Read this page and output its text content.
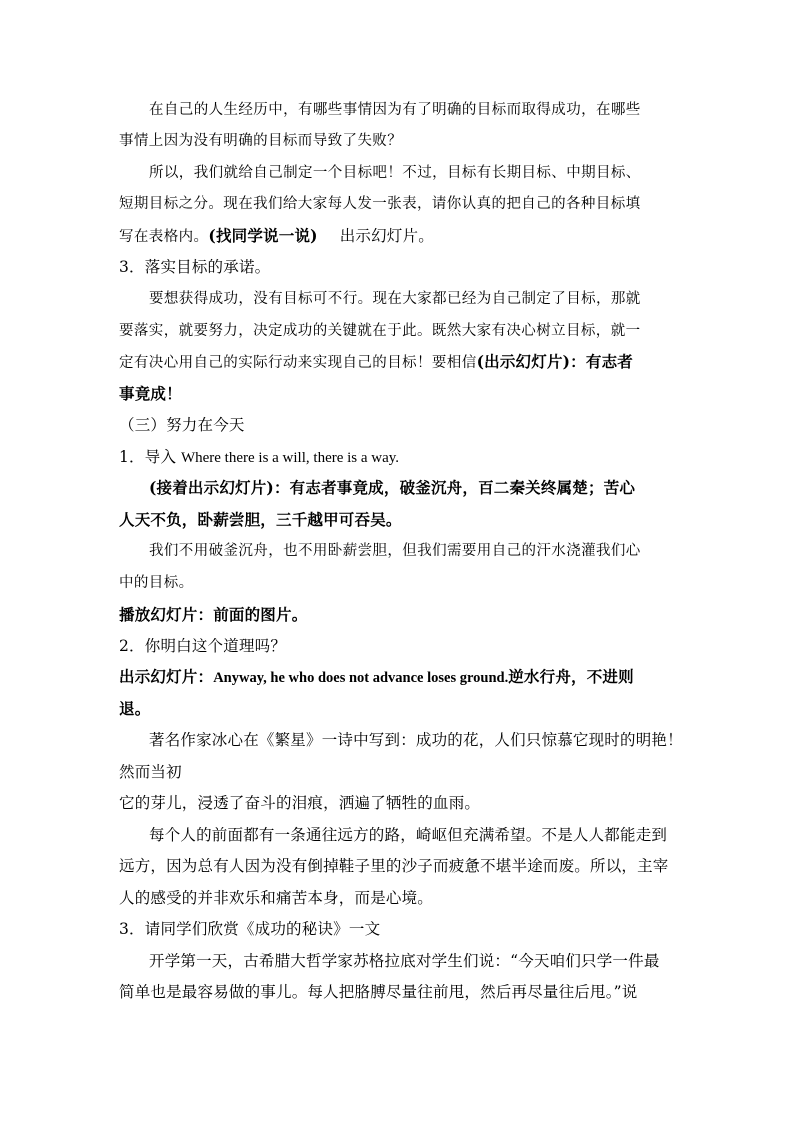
在自己的人生经历中，有哪些事情因为有了明确的目标而取得成功，在哪些
事情上因为没有明确的目标而导致了失败？
所以，我们就给自己制定一个目标吧！不过，目标有长期目标、中期目标、
短期目标之分。现在我们给大家每人发一张表，请你认真的把自己的各种目标填
写在表格内。(找同学说一说) 出示幻灯片。
3．落实目标的承诺。
要想获得成功，没有目标可不行。现在大家都已经为自己制定了目标，那就
要落实，就要努力，决定成功的关键就在于此。既然大家有决心树立目标，就一
定有决心用自己的实际行动来实现自己的目标！要相信(出示幻灯片)：有志者
事竟成！
（三）努力在今天
1．导入 Where there is a will, there is a way.
(接着出示幻灯片)：有志者事竟成，破釜沉舟，百二秦关终属楚；苦心
人天不负，卧薪尝胆，三千越甲可吞吴。
我们不用破釜沉舟，也不用卧薪尝胆，但我们需要用自己的汗水浇灌我们心
中的目标。
播放幻灯片：前面的图片。
2．你明白这个道理吗？
出示幻灯片：Anyway, he who does not advance loses ground.逆水行舟，不进则
退。
著名作家冰心在《繁星》一诗中写到：成功的花，人们只惊慕它现时的明艳！
然而当初
它的芽儿，浸透了奋斗的泪痕，洒遍了牺牲的血雨。
每个人的前面都有一条通往远方的路，崎岖但充满希望。不是人人都能走到
远方，因为总有人因为没有倒掉鞋子里的沙子而疲惫不堪半途而废。所以，主宰
人的感受的并非欢乐和痛苦本身，而是心境。
3．请同学们欣赏《成功的秘诀》一文
开学第一天，古希腊大哲学家苏格拉底对学生们说：“今天咱们只学一件最
简单也是最容易做的事儿。每人把胳膊尽量往前甩，然后再尽量往后甩。”说
